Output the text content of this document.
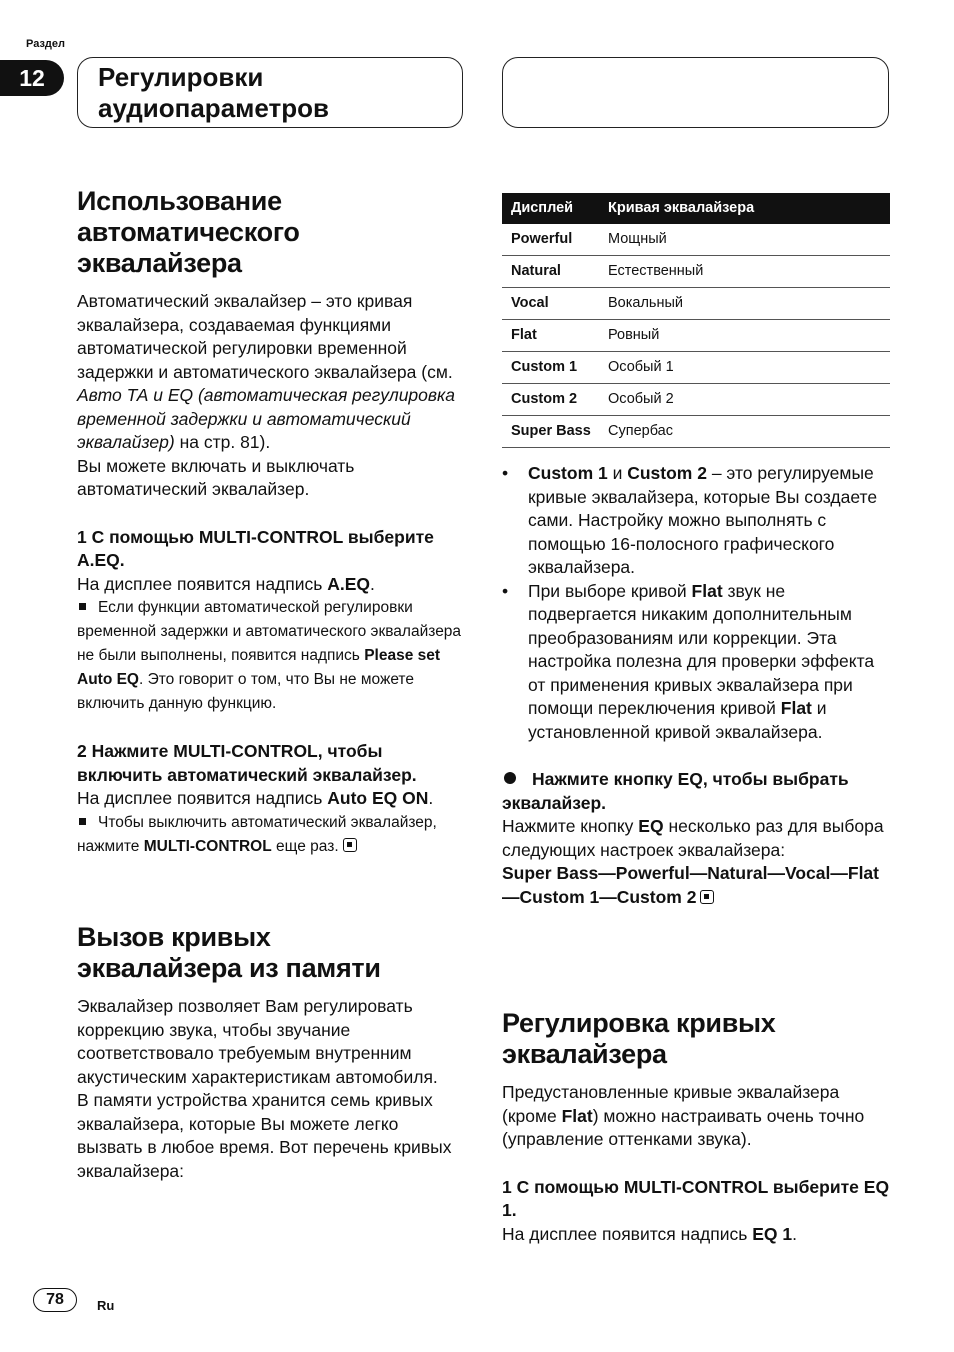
Раздел
12	Регулировки
аудиопараметров
Использование
автоматического эквалайзера

Автоматический эквалайзер – это кривая эквалайзера, создаваемая функциями автоматической регулировки временной задержки и автоматического эквалайзера (см. Авто ТА и EQ (автоматическая регулировка временной задержки и автоматический эквалайзер) на стр. 81).

Вы можете включать и выключать автоматический эквалайзер.

1 С помощью MULTI-CONTROL выберите A.EQ.

На дисплее появится надпись A.EQ.

Если функции автоматической регулировки временной задержки и автоматического эквалайзера не были выполнены, появится надпись Please set Auto EQ. Это говорит о том, что Вы не можете включить данную функцию.

2 Нажмите MULTI-CONTROL, чтобы включить автоматический эквалайзер.

На дисплее появится надпись Auto EQ ON.

Чтобы выключить автоматический эквалайзер, нажмите MULTI-CONTROL еще раз.

Вызов кривых
эквалайзера из памяти

Эквалайзер позволяет Вам регулировать коррекцию звука, чтобы звучание соответствовало требуемым внутренним акустическим характеристикам автомобиля.

В памяти устройства хранится семь кривых эквалайзера, которые Вы можете легко вызвать в любое время. Вот перечень кривых эквалайзера:

Дисплей	Кривая эквалайзера
Powerful	Мощный
Natural	Естественный
Vocal	Вокальный
Flat	Ровный
Custom 1	Особый 1
Custom 2	Особый 2
Super Bass	Супербас
• Custom 1 и Custom 2 – это регулируемые кривые эквалайзера, которые Вы создаете сами. Настройку можно выполнять с помощью 16-полосного графического эквалайзера.
• При выборе кривой Flat звук не подвергается никаким дополнительным преобразованиям или коррекции. Эта настройка полезна для проверки эффекта от применения кривых эквалайзера при помощи переключения кривой Flat и установленной кривой эквалайзера.

Нажмите кнопку EQ, чтобы выбрать эквалайзер.

Нажмите кнопку EQ несколько раз для выбора следующих настроек эквалайзера:

Super Bass—Powerful—Natural—Vocal—Flat—Custom 1—Custom 2

Регулировка кривых
эквалайзера

Предустановленные кривые эквалайзера (кроме Flat) можно настраивать очень точно (управление оттенками звука).

1 С помощью MULTI-CONTROL выберите EQ 1.

На дисплее появится надпись EQ 1.

78	Ru
